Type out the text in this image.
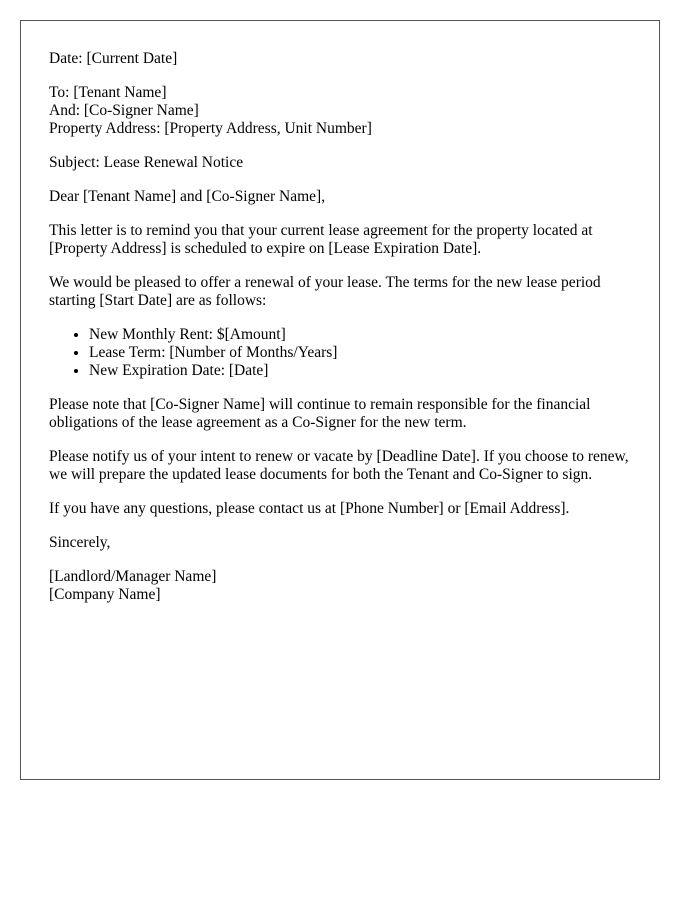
Date: [Current Date]

To: [Tenant Name]
And: [Co-Signer Name]
Property Address: [Property Address, Unit Number]

Subject: Lease Renewal Notice

Dear [Tenant Name] and [Co-Signer Name],

This letter is to remind you that your current lease agreement for the property located at [Property Address] is scheduled to expire on [Lease Expiration Date].

We would be pleased to offer a renewal of your lease. The terms for the new lease period starting [Start Date] are as follows:

• New Monthly Rent: $[Amount]
• Lease Term: [Number of Months/Years]
• New Expiration Date: [Date]

Please note that [Co-Signer Name] will continue to remain responsible for the financial obligations of the lease agreement as a Co-Signer for the new term.

Please notify us of your intent to renew or vacate by [Deadline Date]. If you choose to renew, we will prepare the updated lease documents for both the Tenant and Co-Signer to sign.

If you have any questions, please contact us at [Phone Number] or [Email Address].

Sincerely,

[Landlord/Manager Name]
[Company Name]
